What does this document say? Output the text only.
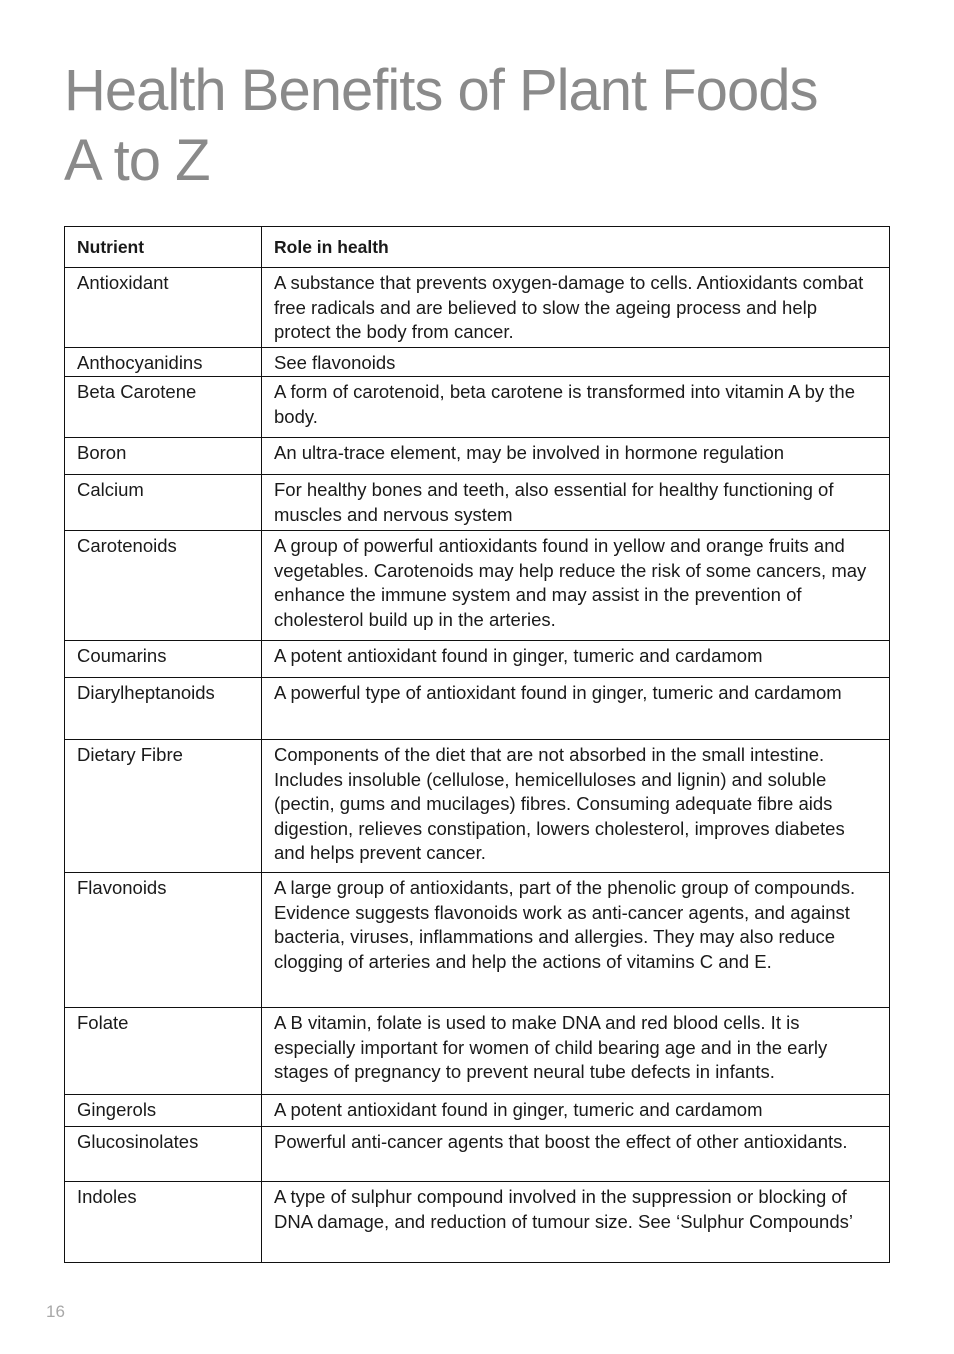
Health Benefits of Plant Foods
A to Z
Nutrient	Role in health
Antioxidant	A substance that prevents oxygen-damage to cells. Antioxidants combat free radicals and are believed to slow the ageing process and help protect the body from cancer.
Anthocyanidins	See flavonoids
Beta Carotene	A form of carotenoid, beta carotene is transformed into vitamin A by the body.
Boron	An ultra-trace element, may be involved in hormone regulation
Calcium	For healthy bones and teeth, also essential for healthy functioning of muscles and nervous system
Carotenoids	A group of powerful antioxidants found in yellow and orange fruits and vegetables. Carotenoids may help reduce the risk of some cancers, may enhance the immune system and may assist in the prevention of cholesterol build up in the arteries.
Coumarins	A potent antioxidant found in ginger, tumeric and cardamom
Diarylheptanoids	A powerful type of antioxidant found in ginger, tumeric and cardamom
Dietary Fibre	Components of the diet that are not absorbed in the small intestine. Includes insoluble (cellulose, hemicelluloses and lignin) and soluble (pectin, gums and mucilages) fibres. Consuming adequate fibre aids digestion, relieves constipation, lowers cholesterol, improves diabetes and helps prevent cancer.
Flavonoids	A large group of antioxidants, part of the phenolic group of compounds. Evidence suggests flavonoids work as anti-cancer agents, and against bacteria, viruses, inflammations and allergies. They may also reduce clogging of arteries and help the actions of vitamins C and E.
Folate	A B vitamin, folate is used to make DNA and red blood cells. It is especially important for women of child bearing age and in the early stages of pregnancy to prevent neural tube defects in infants.
Gingerols	A potent antioxidant found in ginger, tumeric and cardamom
Glucosinolates	Powerful anti-cancer agents that boost the effect of other antioxidants.
Indoles	A type of sulphur compound involved in the suppression or blocking of DNA damage, and reduction of tumour size. See ‘Sulphur Compounds’
16
